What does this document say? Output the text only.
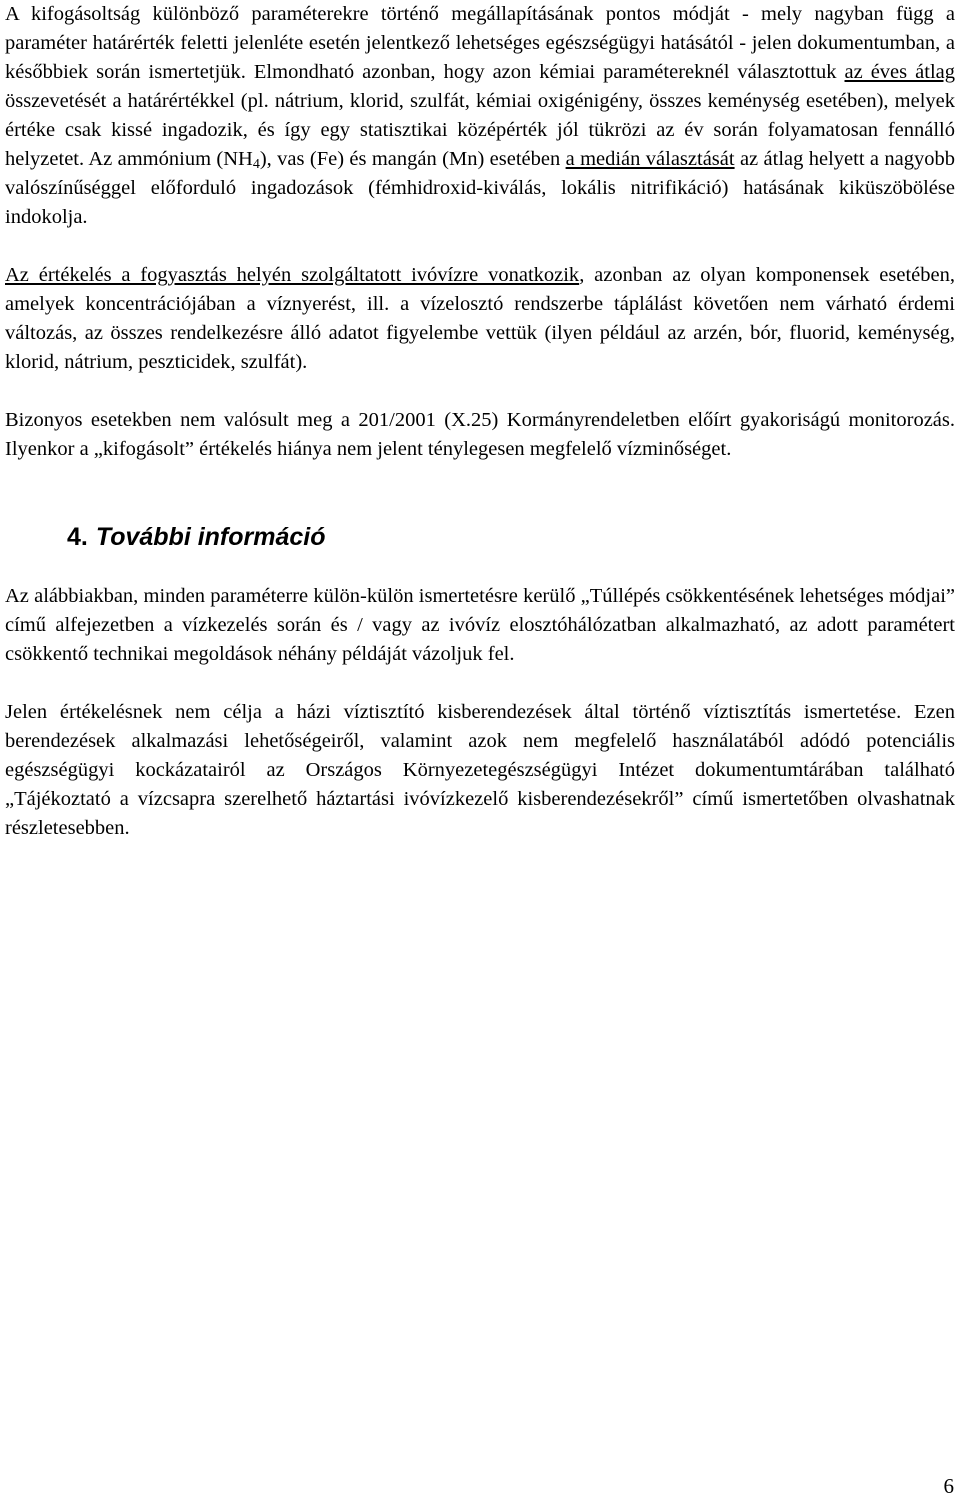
A kifogásoltság különböző paraméterekre történő megállapításának pontos módját - mely nagyban függ a paraméter határérték feletti jelenléte esetén jelentkező lehetséges egészségügyi hatásától - jelen dokumentumban, a későbbiek során ismertetjük. Elmondható azonban, hogy azon kémiai paramétereknél választottuk az éves átlag összevetését a határértékkel (pl. nátrium, klorid, szulfát, kémiai oxigénigény, összes keménység esetében), melyek értéke csak kissé ingadozik, és így egy statisztikai középérték jól tükrözi az év során folyamatosan fennálló helyzetet. Az ammónium $(NH_4)$, vas (Fe) és mangán (Mn) esetében a medián választását az átlag helyett a nagyobb valószínűséggel előforduló ingadozások (fémhidroxid-kiválás, lokális nitrifikáció) hatásának kiküszöbölése indokolja.

Az értékelés a fogyasztás helyén szolgáltatott ivóvízre vonatkozik, azonban az olyan komponensek esetében, amelyek koncentrációjában a víznyerést, ill. a vízelosztó rendszerbe táplálást követően nem várható érdemi változás, az összes rendelkezésre álló adatot figyelembe vettük (ilyen például az arzén, bór, fluorid, keménység, klorid, nátrium, peszticidek, szulfát).

Bizonyos esetekben nem valósult meg a 201/2001 (X.25) Kormányrendeletben előírt gyakoriságú monitorozás. Ilyenkor a „kifogásolt” értékelés hiánya nem jelent ténylegesen megfelelő vízminőséget.

4. További információ

Az alábbiakban, minden paraméterre külön-külön ismertetésre kerülő „Túllépés csökkentésének lehetséges módjai” című alfejezetben a vízkezelés során és / vagy az ivóvíz elosztóhálózatban alkalmazható, az adott paramétert csökkentő technikai megoldások néhány példáját vázoljuk fel.

Jelen értékelésnek nem célja a házi víztisztító kisberendezések által történő víztisztítás ismertetése. Ezen berendezések alkalmazási lehetőségeiről, valamint azok nem megfelelő használatából adódó potenciális egészségügyi kockázatairól az Országos Környezetegészségügyi Intézet dokumentumtárában található „Tájékoztató a vízcsapra szerelhető háztartási ivóvízkezelő kisberendezésekről” című ismertetőben olvashatnak részletesebben.

6
